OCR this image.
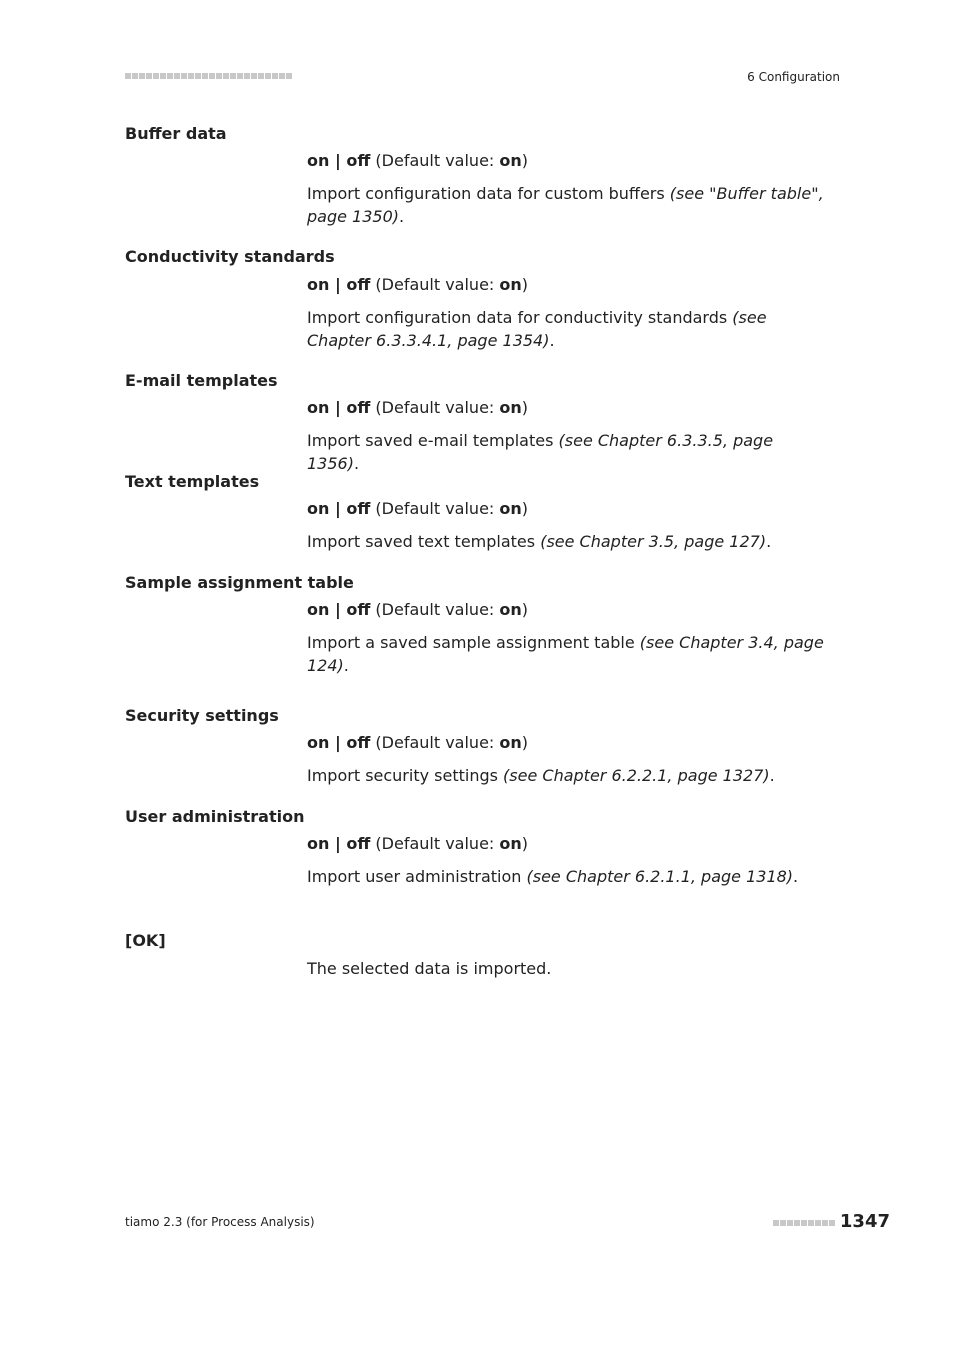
6 Configuration
Buffer data
on | off (Default value: on)
Import configuration data for custom buffers (see "Buffer table", page 1350).
Conductivity standards
on | off (Default value: on)
Import configuration data for conductivity standards (see Chapter 6.3.3.4.1, page 1354).
E-mail templates
on | off (Default value: on)
Import saved e-mail templates (see Chapter 6.3.3.5, page 1356).
Text templates
on | off (Default value: on)
Import saved text templates (see Chapter 3.5, page 127).
Sample assignment table
on | off (Default value: on)
Import a saved sample assignment table (see Chapter 3.4, page 124).
Security settings
on | off (Default value: on)
Import security settings (see Chapter 6.2.2.1, page 1327).
User administration
on | off (Default value: on)
Import user administration (see Chapter 6.2.1.1, page 1318).
[OK]
The selected data is imported.
tiamo 2.3 (for Process Analysis)	1347
